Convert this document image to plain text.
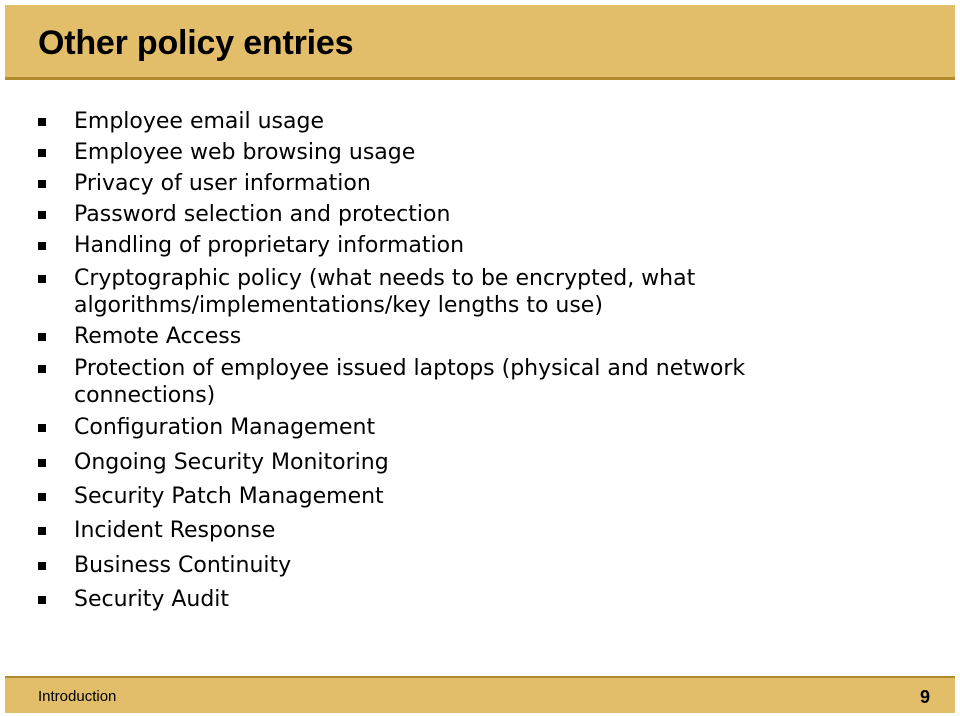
Other policy entries
Employee email usage
Employee web browsing usage
Privacy of user information
Password selection and protection
Handling of proprietary information
Cryptographic policy (what needs to be encrypted, what
algorithms/implementations/key lengths to use)
Remote Access
Protection of employee issued laptops (physical and network
connections)
Configuration Management
Ongoing Security Monitoring
Security Patch Management
Incident Response
Business Continuity
Security Audit
Introduction	9
